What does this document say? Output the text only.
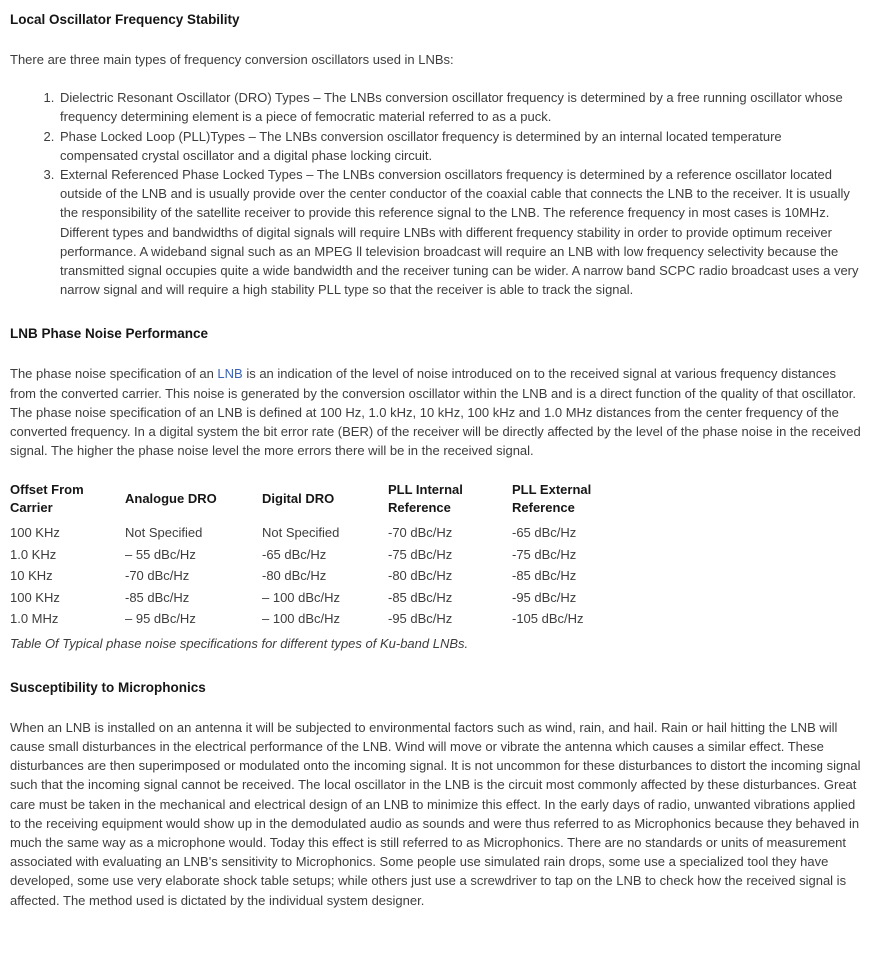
Local Oscillator Frequency Stability

There are three main types of frequency conversion oscillators used in LNBs:

1. Dielectric Resonant Oscillator (DRO) Types – The LNBs conversion oscillator frequency is determined by a free running oscillator whose frequency determining element is a piece of femocratic material referred to as a puck.
2. Phase Locked Loop (PLL)Types – The LNBs conversion oscillator frequency is determined by an internal located temperature compensated crystal oscillator and a digital phase locking circuit.
3. External Referenced Phase Locked Types – The LNBs conversion oscillators frequency is determined by a reference oscillator located outside of the LNB and is usually provide over the center conductor of the coaxial cable that connects the LNB to the receiver. It is usually the responsibility of the satellite receiver to provide this reference signal to the LNB. The reference frequency in most cases is 10MHz. Different types and bandwidths of digital signals will require LNBs with different frequency stability in order to provide optimum receiver performance. A wideband signal such as an MPEG ll television broadcast will require an LNB with low frequency selectivity because the transmitted signal occupies quite a wide bandwidth and the receiver tuning can be wider. A narrow band SCPC radio broadcast uses a very narrow signal and will require a high stability PLL type so that the receiver is able to track the signal.
LNB Phase Noise Performance

The phase noise specification of an LNB is an indication of the level of noise introduced on to the received signal at various frequency distances from the converted carrier. This noise is generated by the conversion oscillator within the LNB and is a direct function of the quality of that oscillator. The phase noise specification of an LNB is defined at 100 Hz, 1.0 kHz, 10 kHz, 100 kHz and 1.0 MHz distances from the center frequency of the converted frequency. In a digital system the bit error rate (BER) of the receiver will be directly affected by the level of the phase noise in the received signal. The higher the phase noise level the more errors there will be in the received signal.

Offset From Carrier	Analogue DRO	Digital DRO	PLL Internal Reference	PLL External Reference
100 KHz	Not Specified	Not Specified	-70 dBc/Hz	-65 dBc/Hz
1.0 KHz	– 55 dBc/Hz	-65 dBc/Hz	-75 dBc/Hz	-75 dBc/Hz
10 KHz	-70 dBc/Hz	-80 dBc/Hz	-80 dBc/Hz	-85 dBc/Hz
100 KHz	-85 dBc/Hz	– 100 dBc/Hz	-85 dBc/Hz	-95 dBc/Hz
1.0 MHz	– 95 dBc/Hz	– 100 dBc/Hz	-95 dBc/Hz	-105 dBc/Hz

Table Of Typical phase noise specifications for different types of Ku-band LNBs.

Susceptibility to Microphonics

When an LNB is installed on an antenna it will be subjected to environmental factors such as wind, rain, and hail. Rain or hail hitting the LNB will cause small disturbances in the electrical performance of the LNB. Wind will move or vibrate the antenna which causes a similar effect. These disturbances are then superimposed or modulated onto the incoming signal. It is not uncommon for these disturbances to distort the incoming signal such that the incoming signal cannot be received. The local oscillator in the LNB is the circuit most commonly affected by these disturbances. Great care must be taken in the mechanical and electrical design of an LNB to minimize this effect. In the early days of radio, unwanted vibrations applied to the receiving equipment would show up in the demodulated audio as sounds and were thus referred to as Microphonics because they behaved in much the same way as a microphone would. Today this effect is still referred to as Microphonics. There are no standards or units of measurement associated with evaluating an LNB's sensitivity to Microphonics. Some people use simulated rain drops, some use a specialized tool they have developed, some use very elaborate shock table setups; while others just use a screwdriver to tap on the LNB to check how the received signal is affected. The method used is dictated by the individual system designer.
